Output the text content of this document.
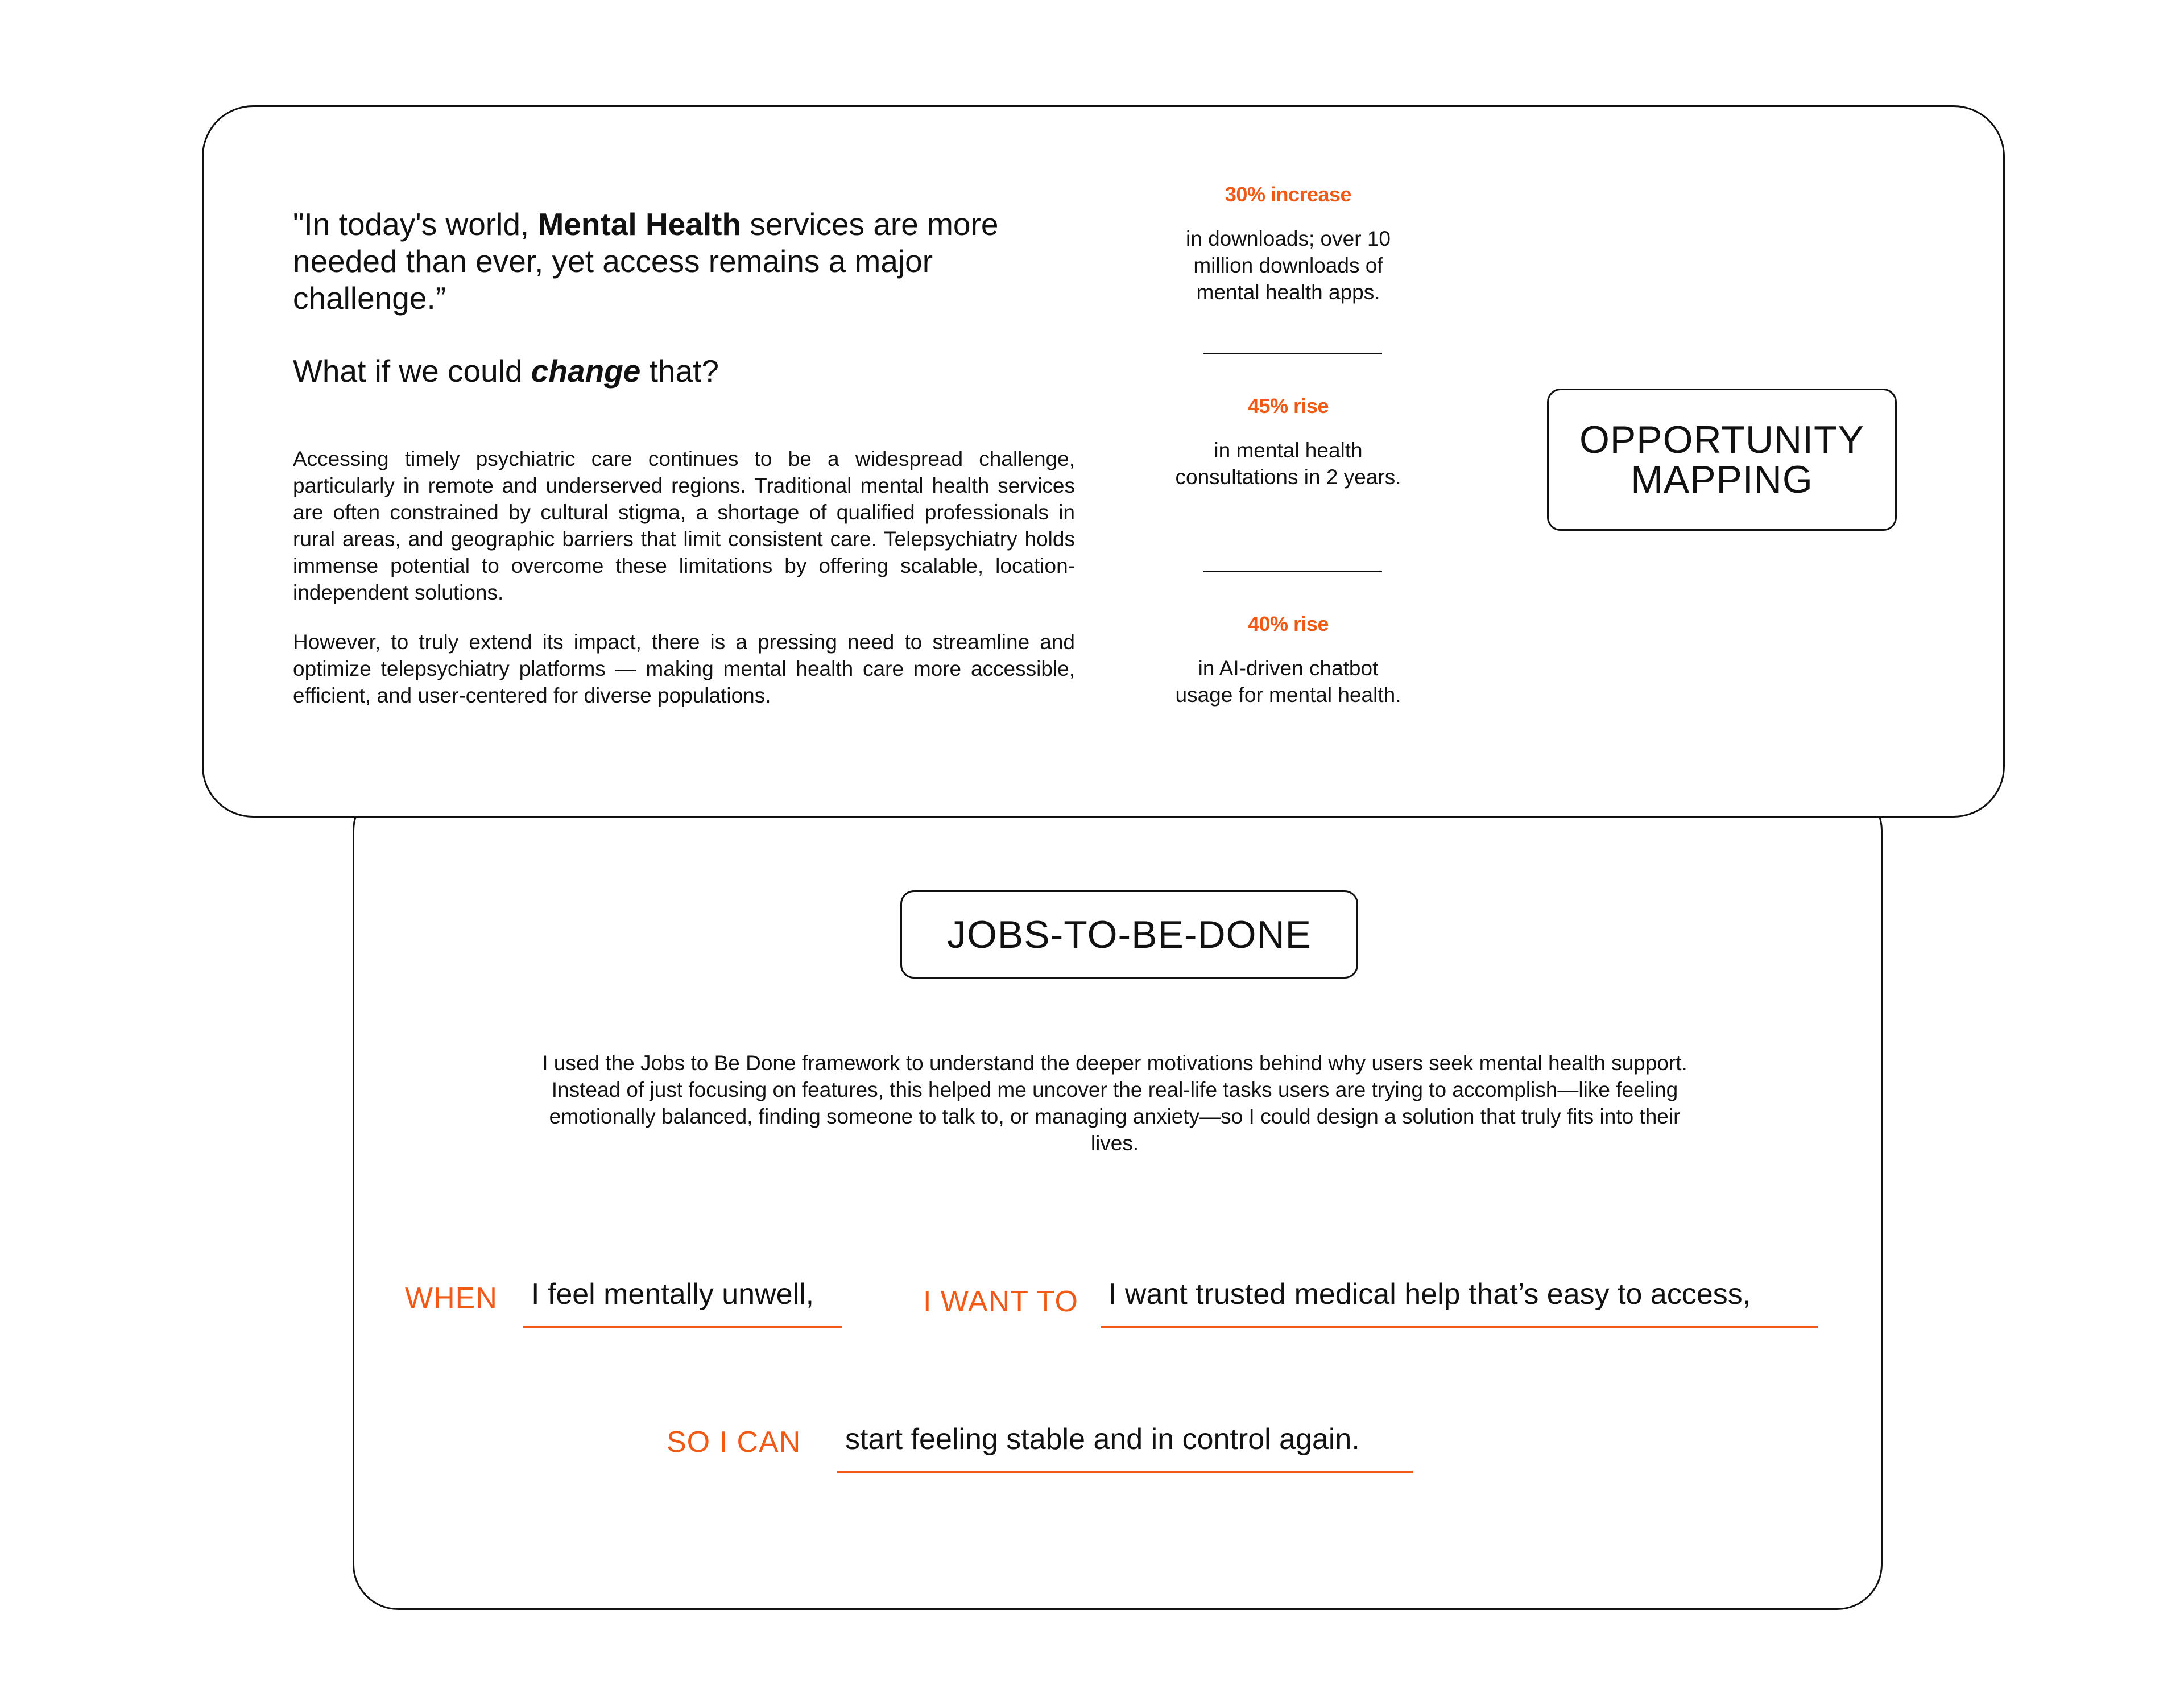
"In today's world, Mental Health services are more needed than ever, yet access remains a major challenge.”

What if we could change that?

Accessing timely psychiatric care continues to be a widespread challenge, particularly in remote and underserved regions. Traditional mental health services are often constrained by cultural stigma, a shortage of qualified professionals in rural areas, and geographic barriers that limit consistent care. Telepsychiatry holds immense potential to overcome these limitations by offering scalable, location-independent solutions.

However, to truly extend its impact, there is a pressing need to streamline and optimize telepsychiatry platforms — making mental health care more accessible, efficient, and user-centered for diverse populations.

30% increase
in downloads; over 10 million downloads of mental health apps.
45% rise
in mental health consultations in 2 years.
40% rise
in AI-driven chatbot usage for mental health.
OPPORTUNITY MAPPING
JOBS-TO-BE-DONE

I used the Jobs to Be Done framework to understand the deeper motivations behind why users seek mental health support. Instead of just focusing on features, this helped me uncover the real-life tasks users are trying to accomplish—like feeling emotionally balanced, finding someone to talk to, or managing anxiety—so I could design a solution that truly fits into their lives.

WHEN I feel mentally unwell,	I WANT TO I want trusted medical help that’s easy to access,
SO I CAN start feeling stable and in control again.
